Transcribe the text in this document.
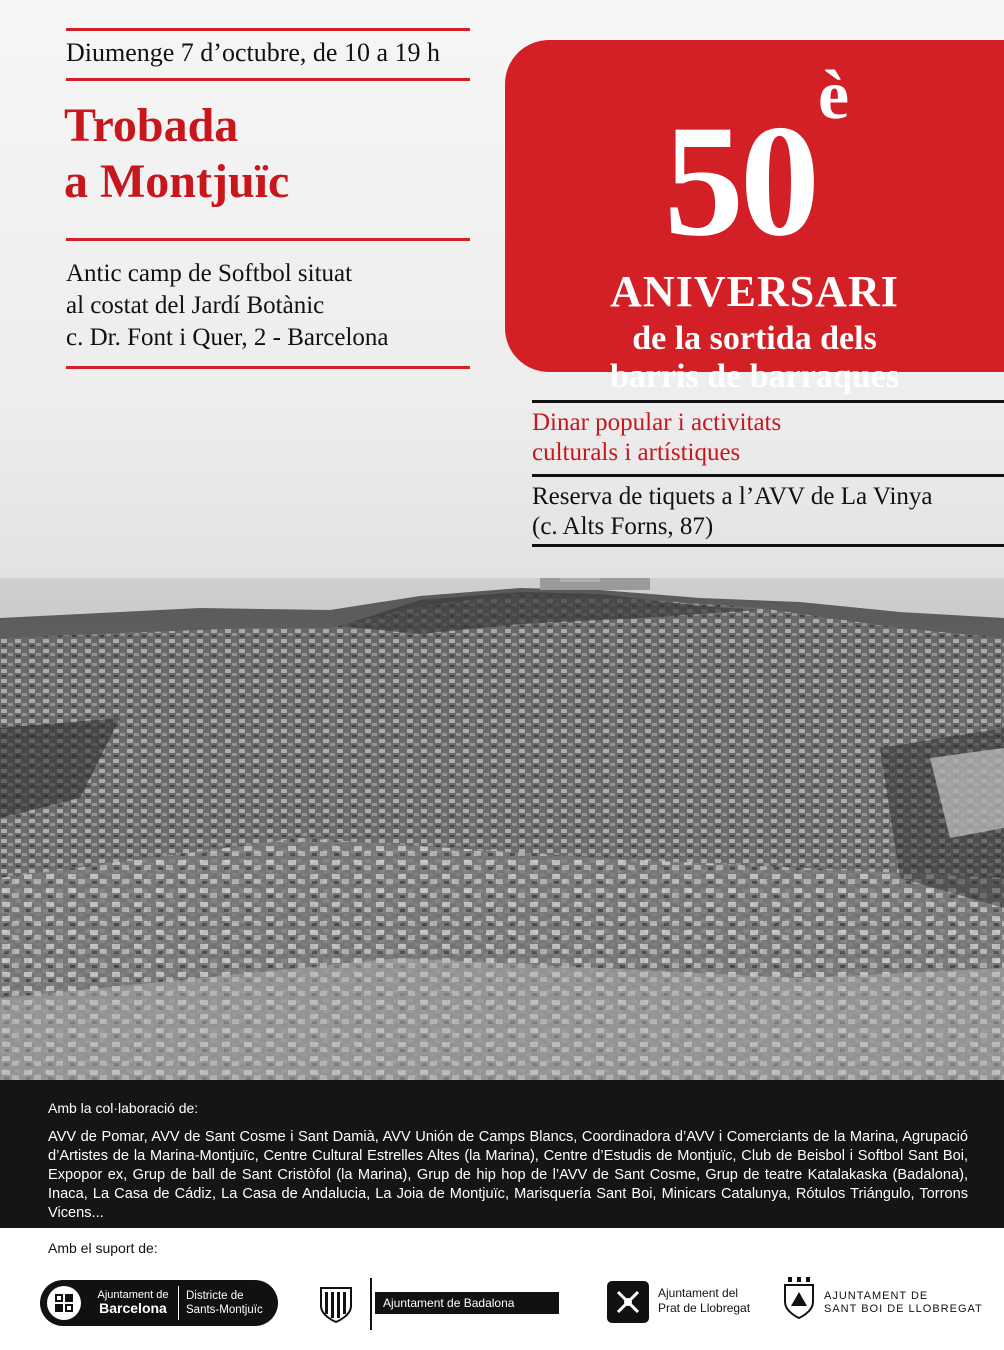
Diumenge 7 d’octubre, de 10 a 19 h
Trobada
a Montjuïc
Antic camp de Softbol situat
al costat del Jardí Botànic
c. Dr. Font i Quer, 2 - Barcelona
$50^è$
ANIVERSARI
de la sortida dels
barris de barraques
Dinar popular i activitats
culturals i artístiques
Reserva de tiquets a l’AVV de La Vinya
(c. Alts Forns, 87)
Amb la col·laboració de:
AVV de Pomar, AVV de Sant Cosme i Sant Damià, AVV Unión de Camps Blancs, Coordinadora d’AVV i Comerciants de la Marina, Agrupació d’Artistes de la Marina-Montjuïc, Centre Cultural Estrelles Altes (la Marina), Centre d’Estudis de Montjuïc, Club de Beisbol i Softbol Sant Boi, Expopor ex, Grup de ball de Sant Cristòfol (la Marina), Grup de hip hop de l’AVV de Sant Cosme, Grup de teatre Katalakaska (Badalona), Inaca, La Casa de Cádiz, La Casa de Andalucia, La Joia de Montjuïc, Marisquería Sant Boi, Minicars Catalunya, Rótulos Triángulo, Torrons Vicens...
Amb el suport de:
Ajuntament de
Barcelona
Districte de
Sants-Montjuïc	Ajuntament de Badalona
Ajuntament del
Prat de Llobregat
AJUNTAMENT DE
SANT BOI DE LLOBREGAT
